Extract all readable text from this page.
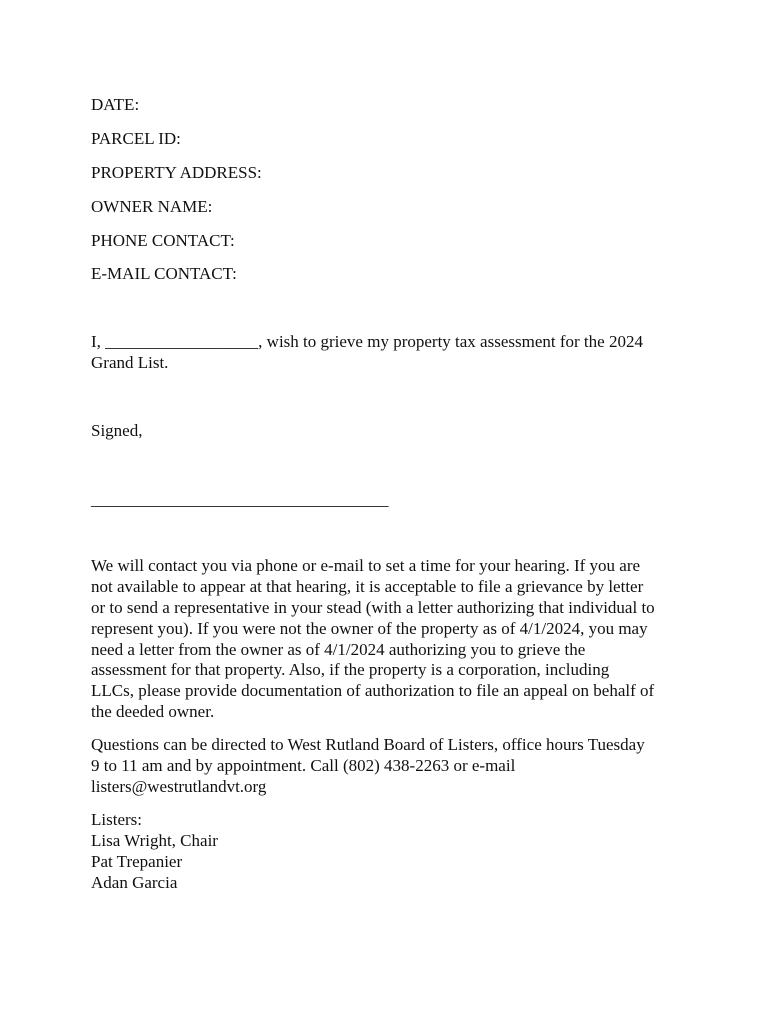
DATE:
PARCEL ID:
PROPERTY ADDRESS:
OWNER NAME:
PHONE CONTACT:
E-MAIL CONTACT:
I, __________________, wish to grieve my property tax assessment for the 2024
Grand List.
Signed,
___________________________________
We will contact you via phone or e-mail to set a time for your hearing. If you are
not available to appear at that hearing, it is acceptable to file a grievance by letter
or to send a representative in your stead (with a letter authorizing that individual to
represent you). If you were not the owner of the property as of 4/1/2024, you may
need a letter from the owner as of 4/1/2024 authorizing you to grieve the
assessment for that property. Also, if the property is a corporation, including
LLCs, please provide documentation of authorization to file an appeal on behalf of
the deeded owner.
Questions can be directed to West Rutland Board of Listers, office hours Tuesday
9 to 11 am and by appointment. Call (802) 438-2263 or e-mail
listers@westrutlandvt.org
Listers:
Lisa Wright, Chair
Pat Trepanier
Adan Garcia
